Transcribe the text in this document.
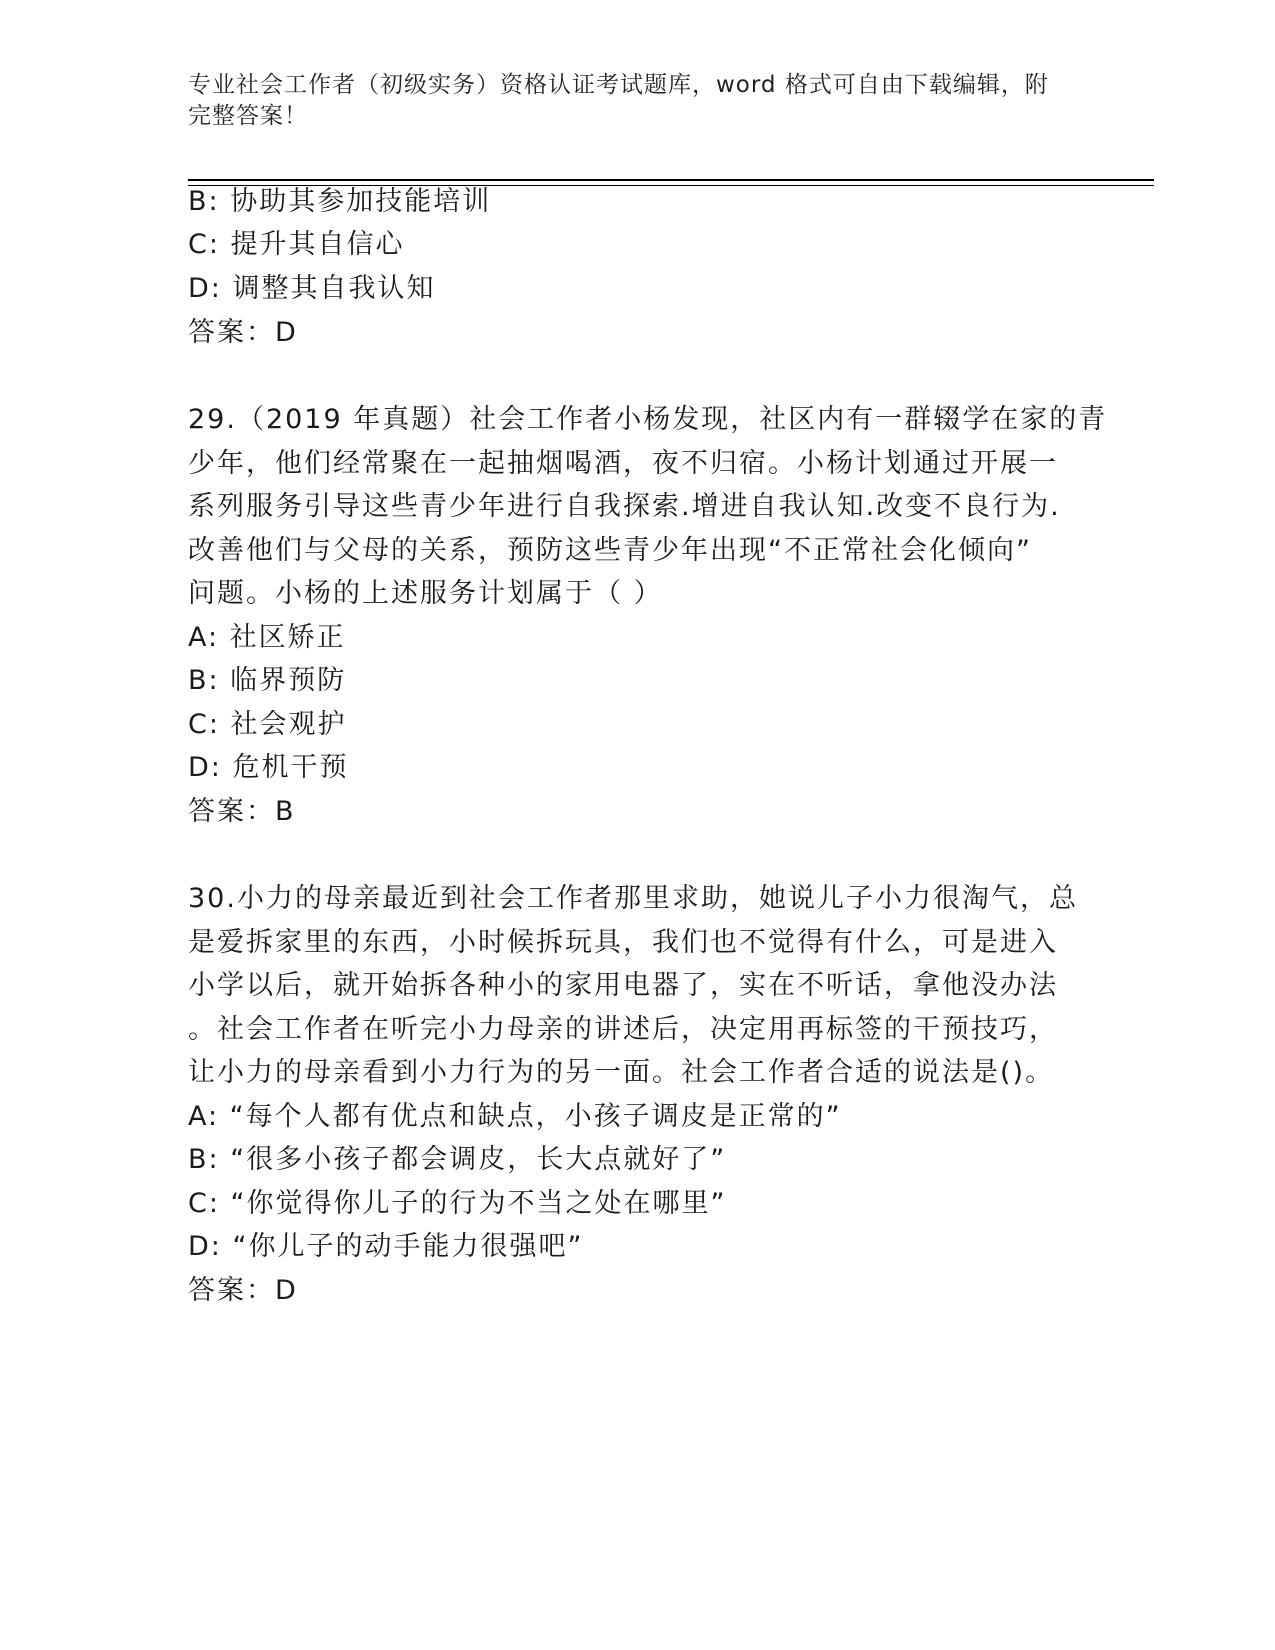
专业社会工作者（初级实务）资格认证考试题库，word 格式可自由下载编辑，附
完整答案！
B: 协助其参加技能培训
C: 提升其自信心
D: 调整其自我认知
答案：D
29.（2019 年真题）社会工作者小杨发现，社区内有一群辍学在家的青
少年，他们经常聚在一起抽烟喝酒，夜不归宿。小杨计划通过开展一
系列服务引导这些青少年进行自我探索.增进自我认知.改变不良行为.
改善他们与父母的关系，预防这些青少年出现“不正常社会化倾向”
问题。小杨的上述服务计划属于（ ）
A: 社区矫正
B: 临界预防
C: 社会观护
D: 危机干预
答案：B
30.小力的母亲最近到社会工作者那里求助，她说儿子小力很淘气，总
是爱拆家里的东西，小时候拆玩具，我们也不觉得有什么，可是进入
小学以后，就开始拆各种小的家用电器了，实在不听话，拿他没办法
。社会工作者在听完小力母亲的讲述后，决定用再标签的干预技巧，
让小力的母亲看到小力行为的另一面。社会工作者合适的说法是()。
A: “每个人都有优点和缺点，小孩子调皮是正常的”
B: “很多小孩子都会调皮，长大点就好了”
C: “你觉得你儿子的行为不当之处在哪里”
D: “你儿子的动手能力很强吧”
答案：D
